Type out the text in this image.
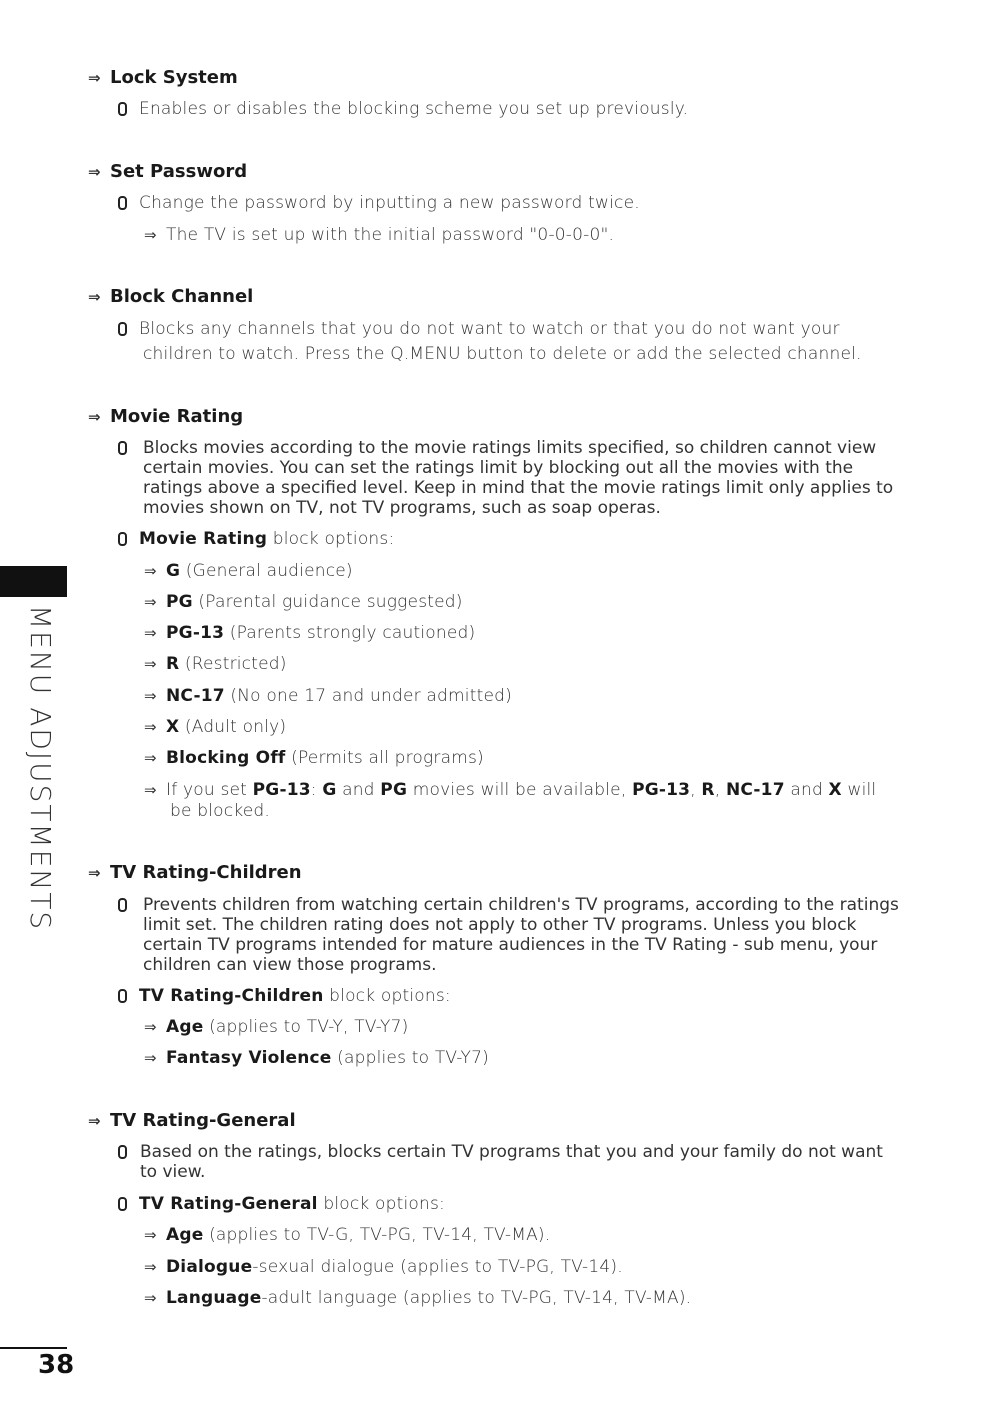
MENU ADJUSTMENTS
38
⇒ Lock System
Enables or disables the blocking scheme you set up previously.
⇒ Set Password
Change the password by inputting a new password twice.
⇒ The TV is set up with the initial password "0-0-0-0".
⇒ Block Channel
Blocks any channels that you do not want to watch or that you do not want your
children to watch. Press the Q.MENU button to delete or add the selected channel.
⇒ Movie Rating
Blocks movies according to the movie ratings limits specified, so children cannot view certain movies. You can set the ratings limit by blocking out all the movies with the ratings above a specified level. Keep in mind that the movie ratings limit only applies to movies shown on TV, not TV programs, such as soap operas.
Movie Rating block options:
⇒ G (General audience)
⇒ PG (Parental guidance suggested)
⇒ PG-13 (Parents strongly cautioned)
⇒ R (Restricted)
⇒ NC-17 (No one 17 and under admitted)
⇒ X (Adult only)
⇒ Blocking Off (Permits all programs)
⇒ If you set PG-13: G and PG movies will be available, PG-13, R, NC-17 and X will
be blocked.
⇒ TV Rating-Children
Prevents children from watching certain children's TV programs, according to the ratings limit set. The children rating does not apply to other TV programs. Unless you block certain TV programs intended for mature audiences in the TV Rating - sub menu, your children can view those programs.
TV Rating-Children block options:
⇒ Age (applies to TV-Y, TV-Y7)
⇒ Fantasy Violence (applies to TV-Y7)
⇒ TV Rating-General
Based on the ratings, blocks certain TV programs that you and your family do not want to view.
TV Rating-General block options:
⇒ Age (applies to TV-G, TV-PG, TV-14, TV-MA).
⇒ Dialogue-sexual dialogue (applies to TV-PG, TV-14).
⇒ Language-adult language (applies to TV-PG, TV-14, TV-MA).
